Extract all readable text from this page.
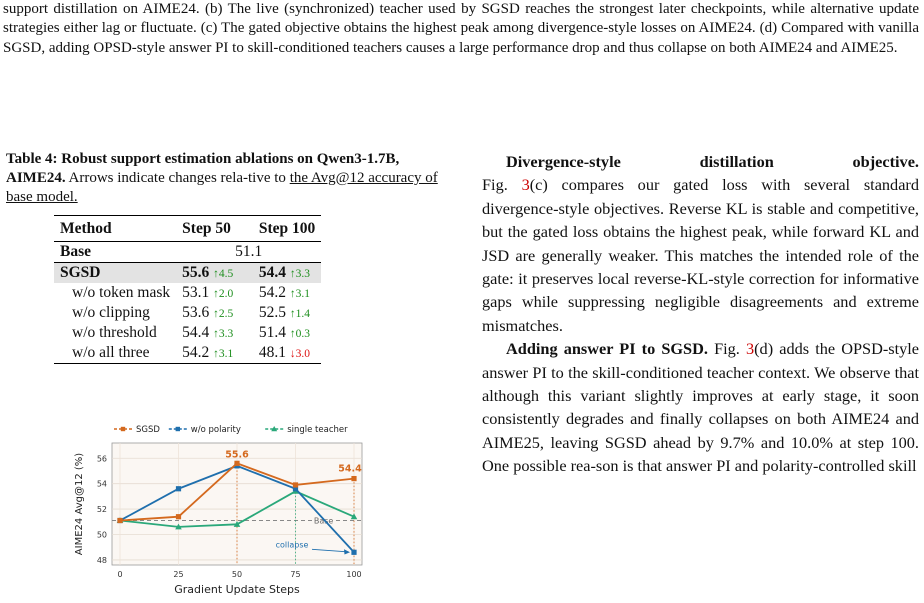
support distillation on AIME24. (b) The live (synchronized) teacher used by SGSD reaches the strongest later checkpoints, while alternative update strategies either lag or fluctuate. (c) The gated objective obtains the highest peak among divergence-style losses on AIME24. (d) Compared with vanilla SGSD, adding OPSD-style answer PI to skill-conditioned teachers causes a large performance drop and thus collapse on both AIME24 and AIME25.
Table 4: Robust support estimation ablations on Qwen3-1.7B, AIME24. Arrows indicate changes rela-tive to the Avg@12 accuracy of base model.
Method	Step 50	Step 100
Base	51.1	
SGSD	55.6 ↑4.5	54.4 ↑3.3
w/o token mask	53.1 ↑2.0	54.2 ↑3.1
w/o clipping	53.6 ↑2.5	52.5 ↑1.4
w/o threshold	54.4 ↑3.3	51.4 ↑0.3
w/o all three	54.2 ↑3.1	48.1 ↓3.0
48
50
52
54
56
0	25	50	75	100
Gradient Update Steps
AIME24 Avg@12 (%)	Base
55.6
54.4
collapse
SGSD	w/o polarity	single teacher

Divergence-style distillation objective.

Fig. 3(c) compares our gated loss with several standard divergence-style objectives. Reverse KL is stable and competitive, but the gated loss obtains the highest peak, while forward KL and JSD are generally weaker. This matches the intended role of the gate: it preserves local reverse-KL-style correction for informative gaps while suppressing negligible disagreements and extreme mismatches.

Adding answer PI to SGSD. Fig. 3(d) adds the OPSD-style answer PI to the skill-conditioned teacher context. We observe that although this variant slightly improves at early stage, it soon consistently degrades and finally collapses on both AIME24 and AIME25, leaving SGSD ahead by 9.7% and 10.0% at step 100. One possible rea-son is that answer PI and polarity-controlled skill
